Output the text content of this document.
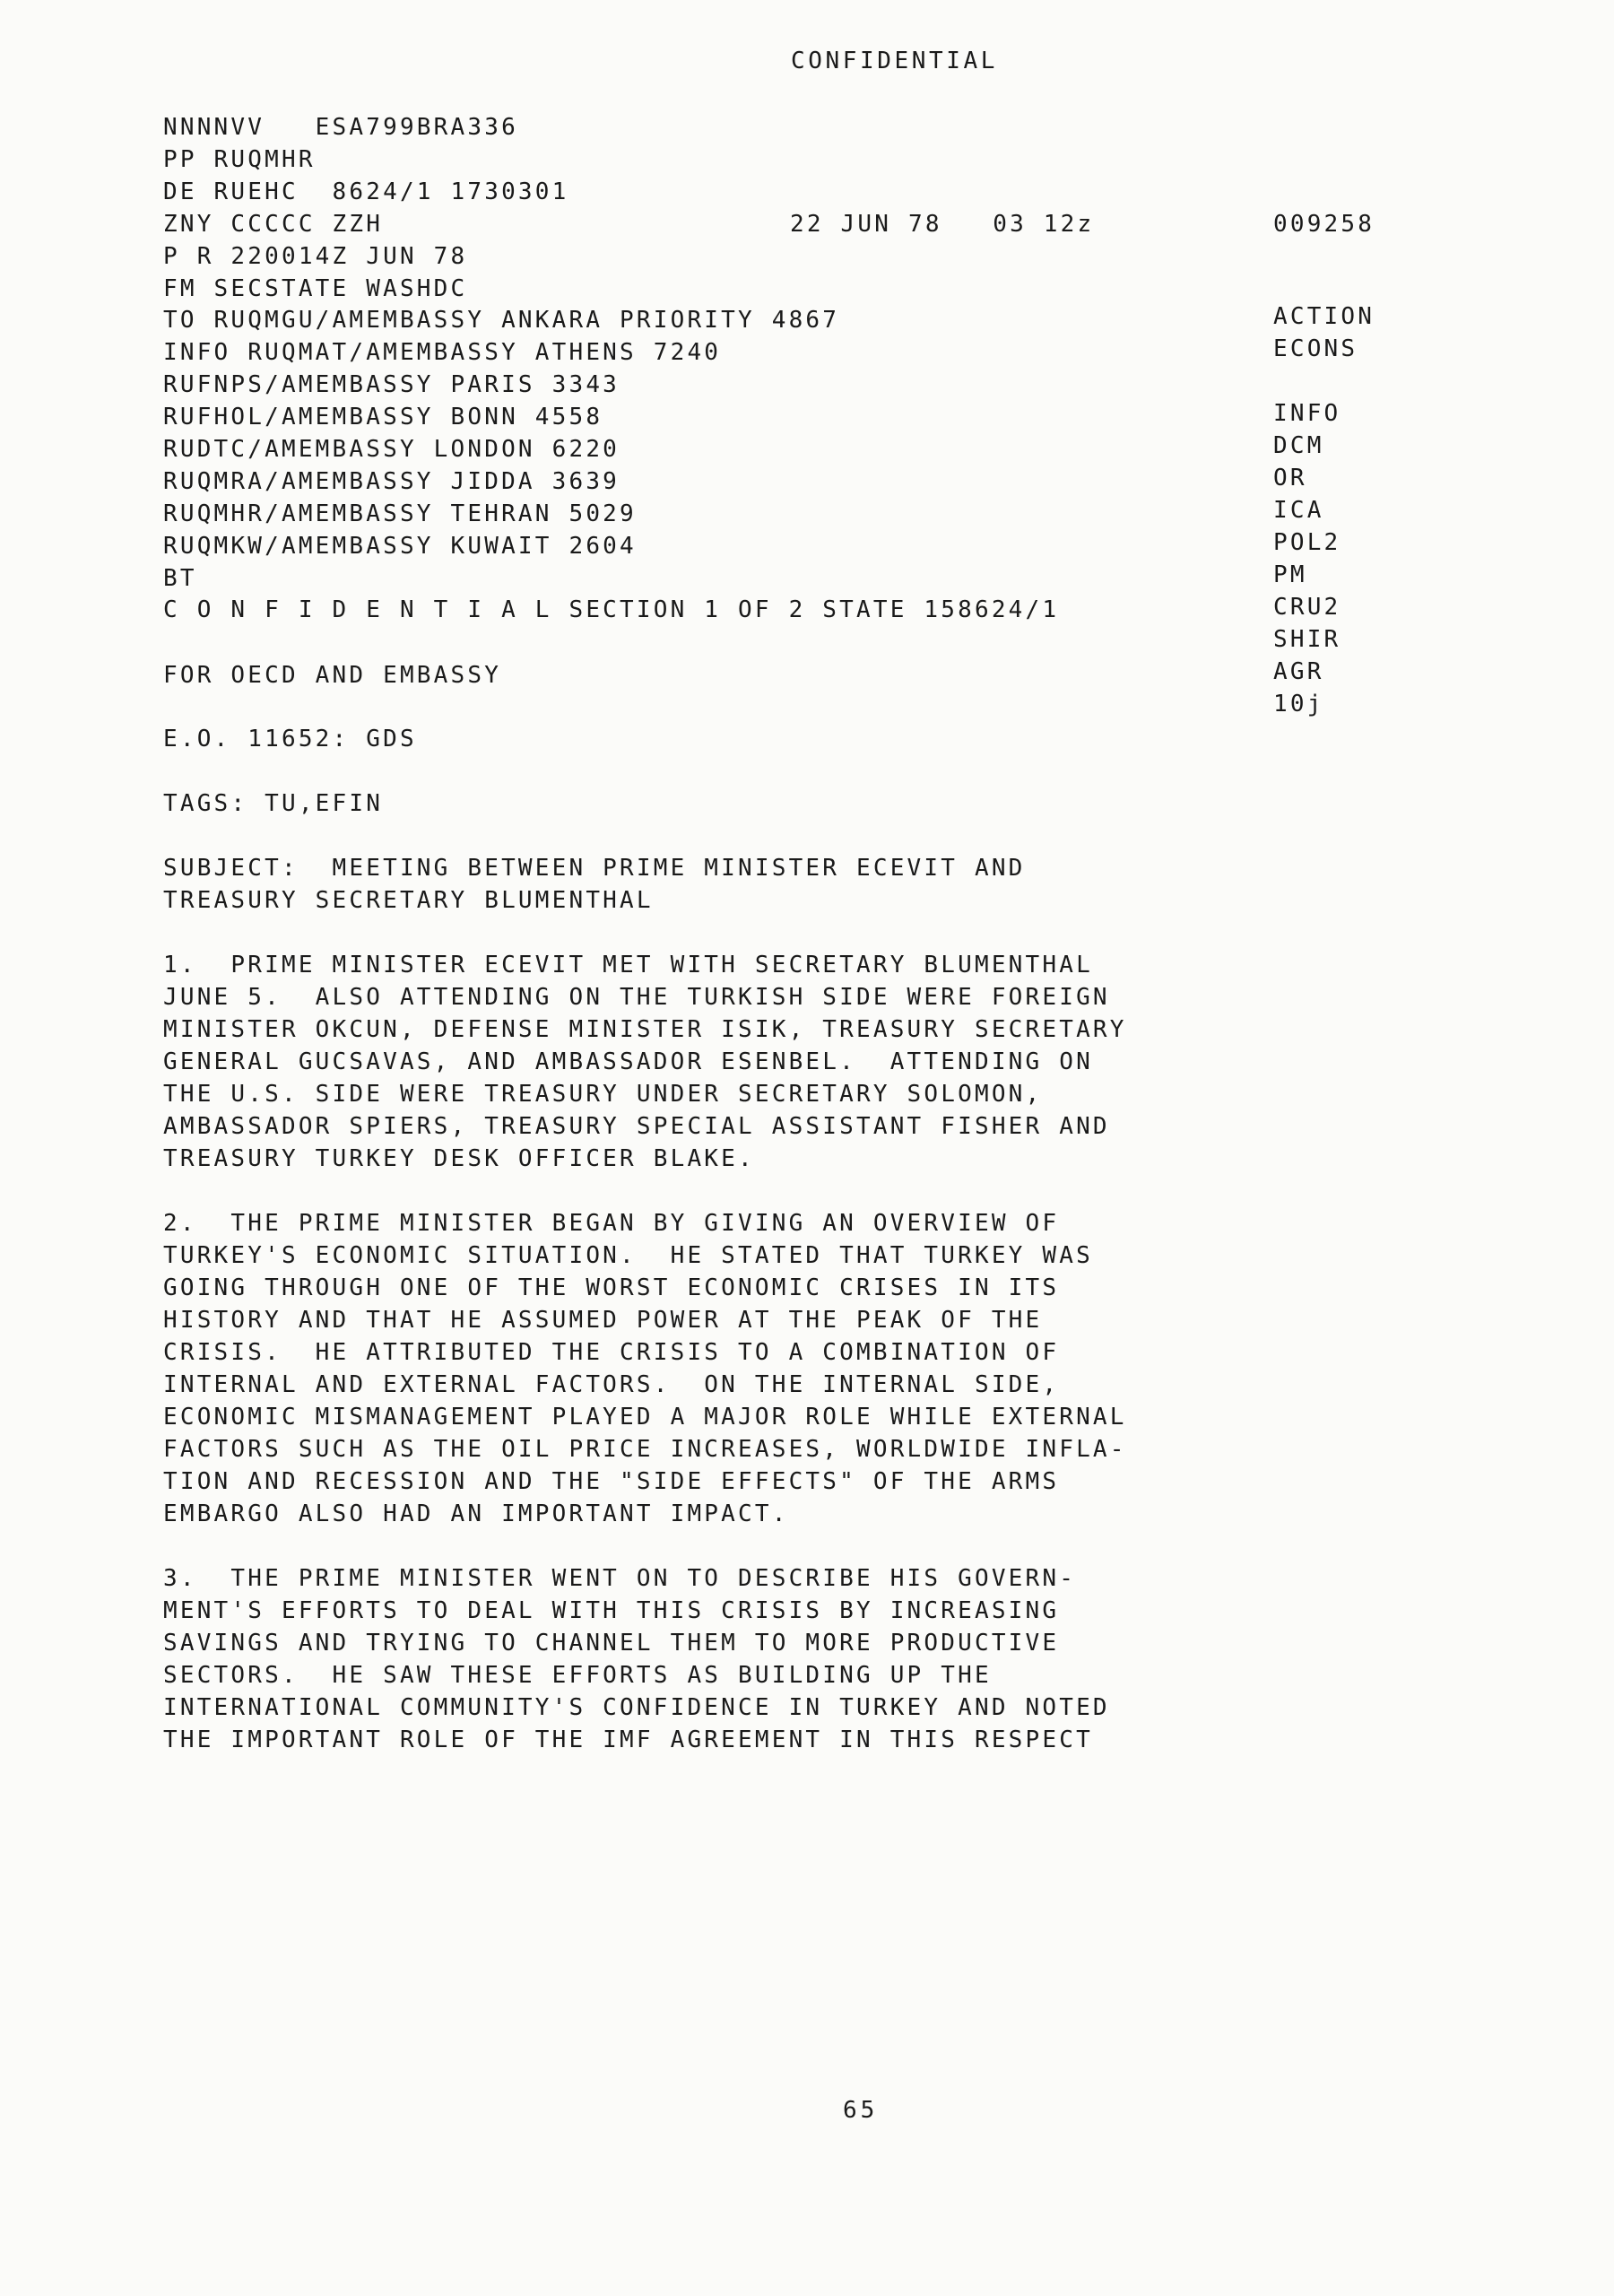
CONFIDENTIAL
NNNNVV   ESA799BRA336
PP RUQMHR
DE RUEHC  8624/1 1730301
ZNY CCCCC ZZH	22 JUN 78   03 12z	009258
P R 220014Z JUN 78
FM SECSTATE WASHDC
TO RUQMGU/AMEMBASSY ANKARA PRIORITY 4867
INFO RUQMAT/AMEMBASSY ATHENS 7240
RUFNPS/AMEMBASSY PARIS 3343
RUFHOL/AMEMBASSY BONN 4558
RUDTC/AMEMBASSY LONDON 6220
RUQMRA/AMEMBASSY JIDDA 3639
RUQMHR/AMEMBASSY TEHRAN 5029
RUQMKW/AMEMBASSY KUWAIT 2604
BT
C O N F I D E N T I A L SECTION 1 OF 2 STATE 158624/1
ACTION
ECONS
INFO
DCM
OR
ICA
POL2
PM
CRU2
SHIR
AGR
10j
FOR OECD AND EMBASSY
E.O. 11652: GDS
TAGS: TU,EFIN
SUBJECT:  MEETING BETWEEN PRIME MINISTER ECEVIT AND
TREASURY SECRETARY BLUMENTHAL
1.  PRIME MINISTER ECEVIT MET WITH SECRETARY BLUMENTHAL
JUNE 5.  ALSO ATTENDING ON THE TURKISH SIDE WERE FOREIGN
MINISTER OKCUN, DEFENSE MINISTER ISIK, TREASURY SECRETARY
GENERAL GUCSAVAS, AND AMBASSADOR ESENBEL.  ATTENDING ON
THE U.S. SIDE WERE TREASURY UNDER SECRETARY SOLOMON,
AMBASSADOR SPIERS, TREASURY SPECIAL ASSISTANT FISHER AND
TREASURY TURKEY DESK OFFICER BLAKE.
2.  THE PRIME MINISTER BEGAN BY GIVING AN OVERVIEW OF
TURKEY'S ECONOMIC SITUATION.  HE STATED THAT TURKEY WAS
GOING THROUGH ONE OF THE WORST ECONOMIC CRISES IN ITS
HISTORY AND THAT HE ASSUMED POWER AT THE PEAK OF THE
CRISIS.  HE ATTRIBUTED THE CRISIS TO A COMBINATION OF
INTERNAL AND EXTERNAL FACTORS.  ON THE INTERNAL SIDE,
ECONOMIC MISMANAGEMENT PLAYED A MAJOR ROLE WHILE EXTERNAL
FACTORS SUCH AS THE OIL PRICE INCREASES, WORLDWIDE INFLA-
TION AND RECESSION AND THE "SIDE EFFECTS" OF THE ARMS
EMBARGO ALSO HAD AN IMPORTANT IMPACT.
3.  THE PRIME MINISTER WENT ON TO DESCRIBE HIS GOVERN-
MENT'S EFFORTS TO DEAL WITH THIS CRISIS BY INCREASING
SAVINGS AND TRYING TO CHANNEL THEM TO MORE PRODUCTIVE
SECTORS.  HE SAW THESE EFFORTS AS BUILDING UP THE
INTERNATIONAL COMMUNITY'S CONFIDENCE IN TURKEY AND NOTED
THE IMPORTANT ROLE OF THE IMF AGREEMENT IN THIS RESPECT
65
